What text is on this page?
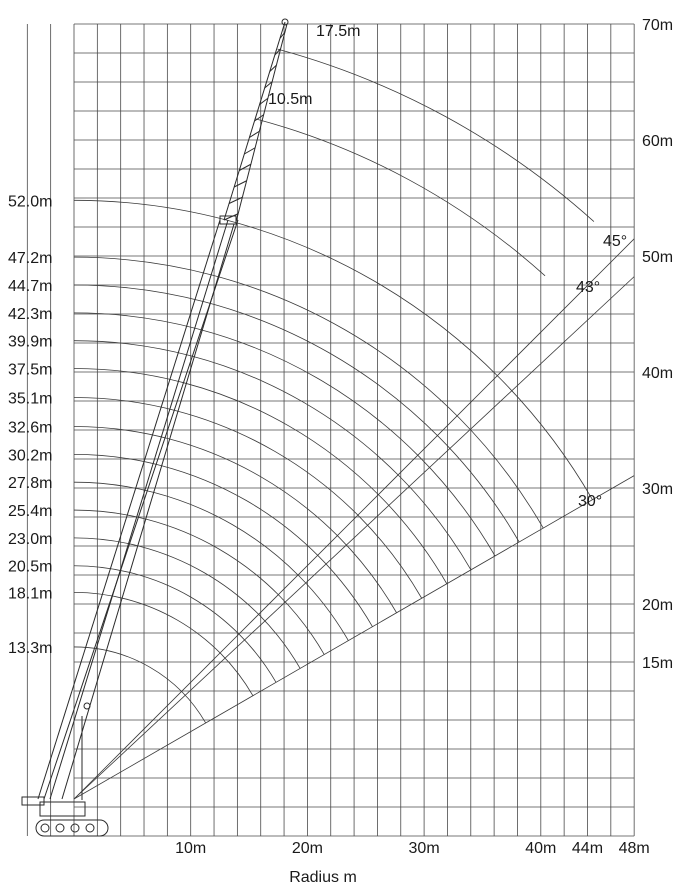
13.3m
18.1m
20.5m
23.0m
25.4m
27.8m
30.2m
32.6m
35.1m
37.5m
39.9m
42.3m
44.7m
47.2m
52.0m
17.5m
10.5m
45°
43°
30°
10m	20m	30m	40m 44m 48m
15m
20m
30m
40m
50m
60m
70m
Radius m
